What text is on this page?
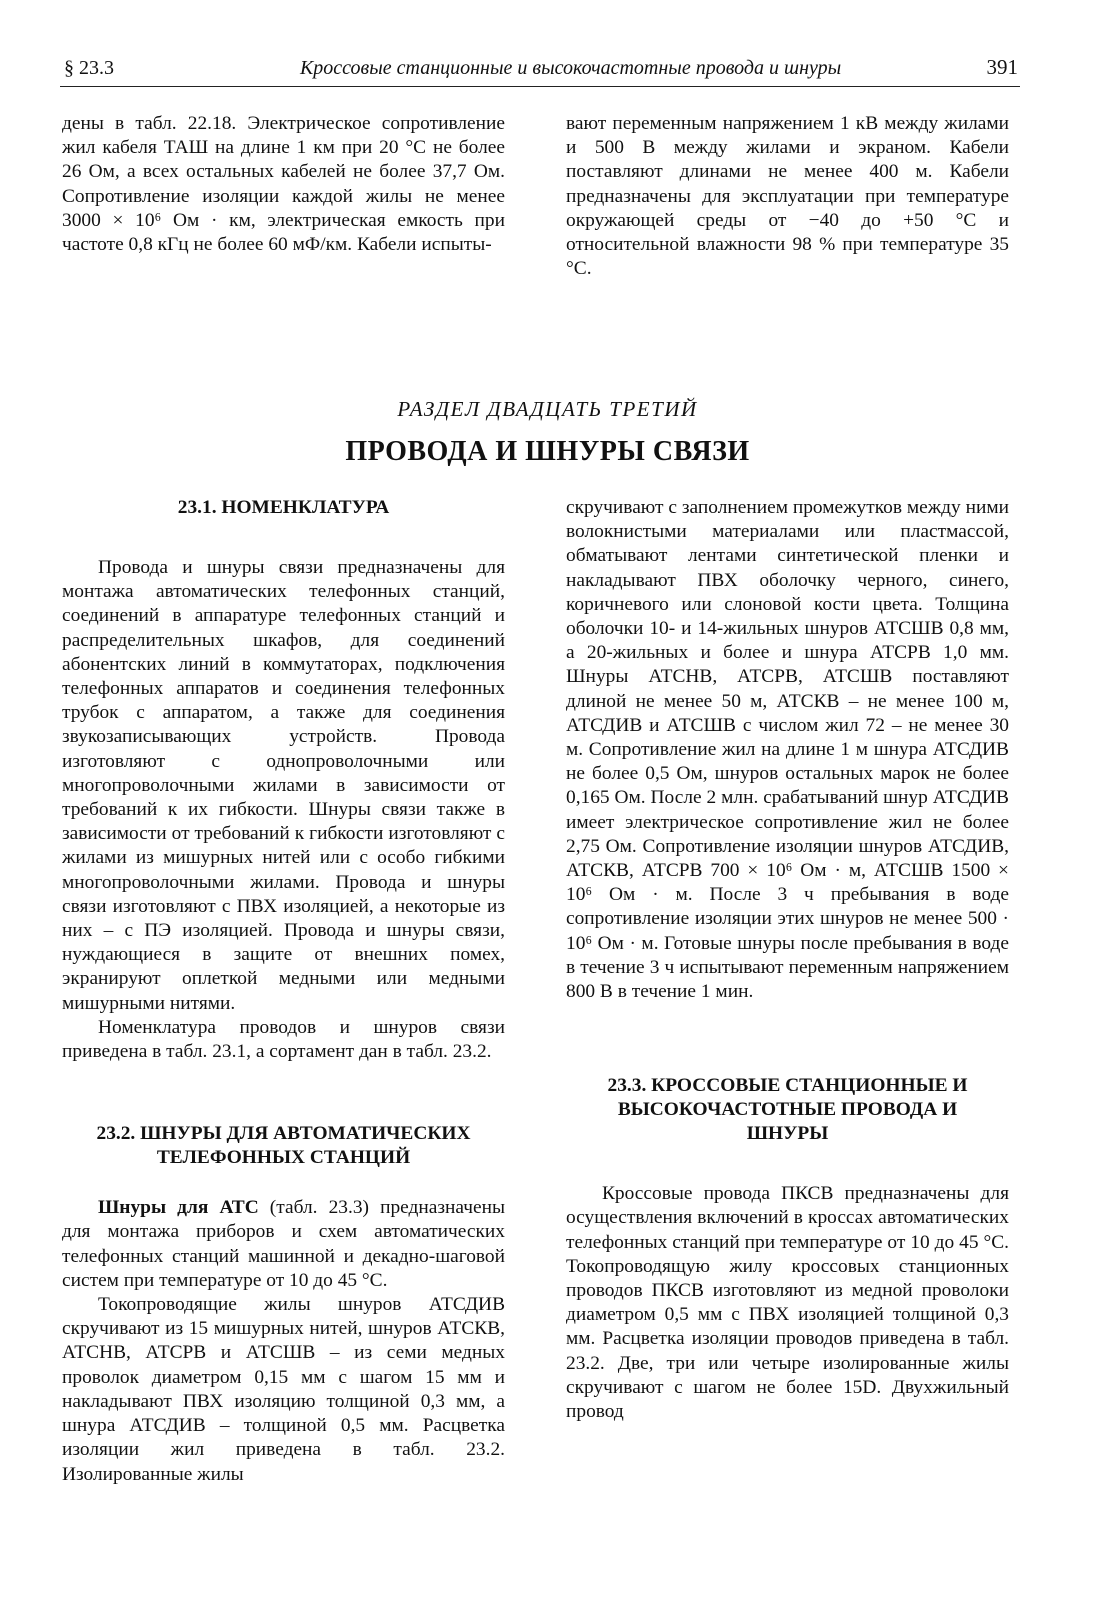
§ 23.3	Кроссовые станционные и высокочастотные провода и шнуры	391

дены в табл. 22.18. Электрическое сопротивление жил кабеля ТАШ на длине 1 км при 20 °С не более 26 Ом, а всех остальных кабелей не более 37,7 Ом. Сопротивление изоляции каждой жилы не менее 3000 × 10⁶ Ом · км, электрическая емкость при частоте 0,8 кГц не более 60 мФ/км. Кабели испыты-

вают переменным напряжением 1 кВ между жилами и 500 В между жилами и экраном. Кабели поставляют длинами не менее 400 м. Кабели предназначены для эксплуатации при температуре окружающей среды от −40 до +50 °С и относительной влажности 98 % при температуре 35 °С.

РАЗДЕЛ ДВАДЦАТЬ ТРЕТИЙ
ПРОВОДА И ШНУРЫ СВЯЗИ

23.1. НОМЕНКЛАТУРА

Провода и шнуры связи предназначены для монтажа автоматических телефонных станций, соединений в аппаратуре телефонных станций и распределительных шкафов, для соединений абонентских линий в коммутаторах, подключения телефонных аппаратов и соединения телефонных трубок с аппаратом, а также для соединения звукозаписывающих устройств. Провода изготовляют с однопроволочными или многопроволочными жилами в зависимости от требований к их гибкости. Шнуры связи также в зависимости от требований к гибкости изготовляют с жилами из мишурных нитей или с особо гибкими многопроволочными жилами. Провода и шнуры связи изготовляют с ПВХ изоляцией, а некоторые из них – с ПЭ изоляцией. Провода и шнуры связи, нуждающиеся в защите от внешних помех, экранируют оплеткой медными или медными мишурными нитями.

Номенклатура проводов и шнуров связи приведена в табл. 23.1, а сортамент дан в табл. 23.2.

23.2. ШНУРЫ ДЛЯ АВТОМАТИЧЕСКИХ
ТЕЛЕФОННЫХ СТАНЦИЙ

Шнуры для АТС (табл. 23.3) предназначены для монтажа приборов и схем автоматических телефонных станций машинной и декадно-шаговой систем при температуре от 10 до 45 °С.

Токопроводящие жилы шнуров АТСДИВ скручивают из 15 мишурных нитей, шнуров АТСКВ, АТСНВ, АТСРВ и АТСШВ – из семи медных проволок диаметром 0,15 мм с шагом 15 мм и накладывают ПВХ изоляцию толщиной 0,3 мм, а шнура АТСДИВ – толщиной 0,5 мм. Расцветка изоляции жил приведена в табл. 23.2. Изолированные жилы

скручивают с заполнением промежутков между ними волокнистыми материалами или пластмассой, обматывают лентами синтетической пленки и накладывают ПВХ оболочку черного, синего, коричневого или слоновой кости цвета. Толщина оболочки 10- и 14-жильных шнуров АТСШВ 0,8 мм, а 20-жильных и более и шнура АТСРВ 1,0 мм. Шнуры АТСНВ, АТСРВ, АТСШВ поставляют длиной не менее 50 м, АТСКВ – не менее 100 м, АТСДИВ и АТСШВ с числом жил 72 – не менее 30 м. Сопротивление жил на длине 1 м шнура АТСДИВ не более 0,5 Ом, шнуров остальных марок не более 0,165 Ом. После 2 млн. срабатываний шнур АТСДИВ имеет электрическое сопротивление жил не более 2,75 Ом. Сопротивление изоляции шнуров АТСДИВ, АТСКВ, АТСРВ 700 × 10⁶ Ом · м, АТСШВ 1500 × 10⁶ Ом · м. После 3 ч пребывания в воде сопротивление изоляции этих шнуров не менее 500 · 10⁶ Ом · м. Готовые шнуры после пребывания в воде в течение 3 ч испытывают переменным напряжением 800 В в течение 1 мин.

23.3. КРОССОВЫЕ СТАНЦИОННЫЕ И
ВЫСОКОЧАСТОТНЫЕ ПРОВОДА И
ШНУРЫ

Кроссовые провода ПКСВ предназначены для осуществления включений в кроссах автоматических телефонных станций при температуре от 10 до 45 °С. Токопроводящую жилу кроссовых станционных проводов ПКСВ изготовляют из медной проволоки диаметром 0,5 мм с ПВХ изоляцией толщиной 0,3 мм. Расцветка изоляции проводов приведена в табл. 23.2. Две, три или четыре изолированные жилы скручивают с шагом не более 15D. Двухжильный провод
